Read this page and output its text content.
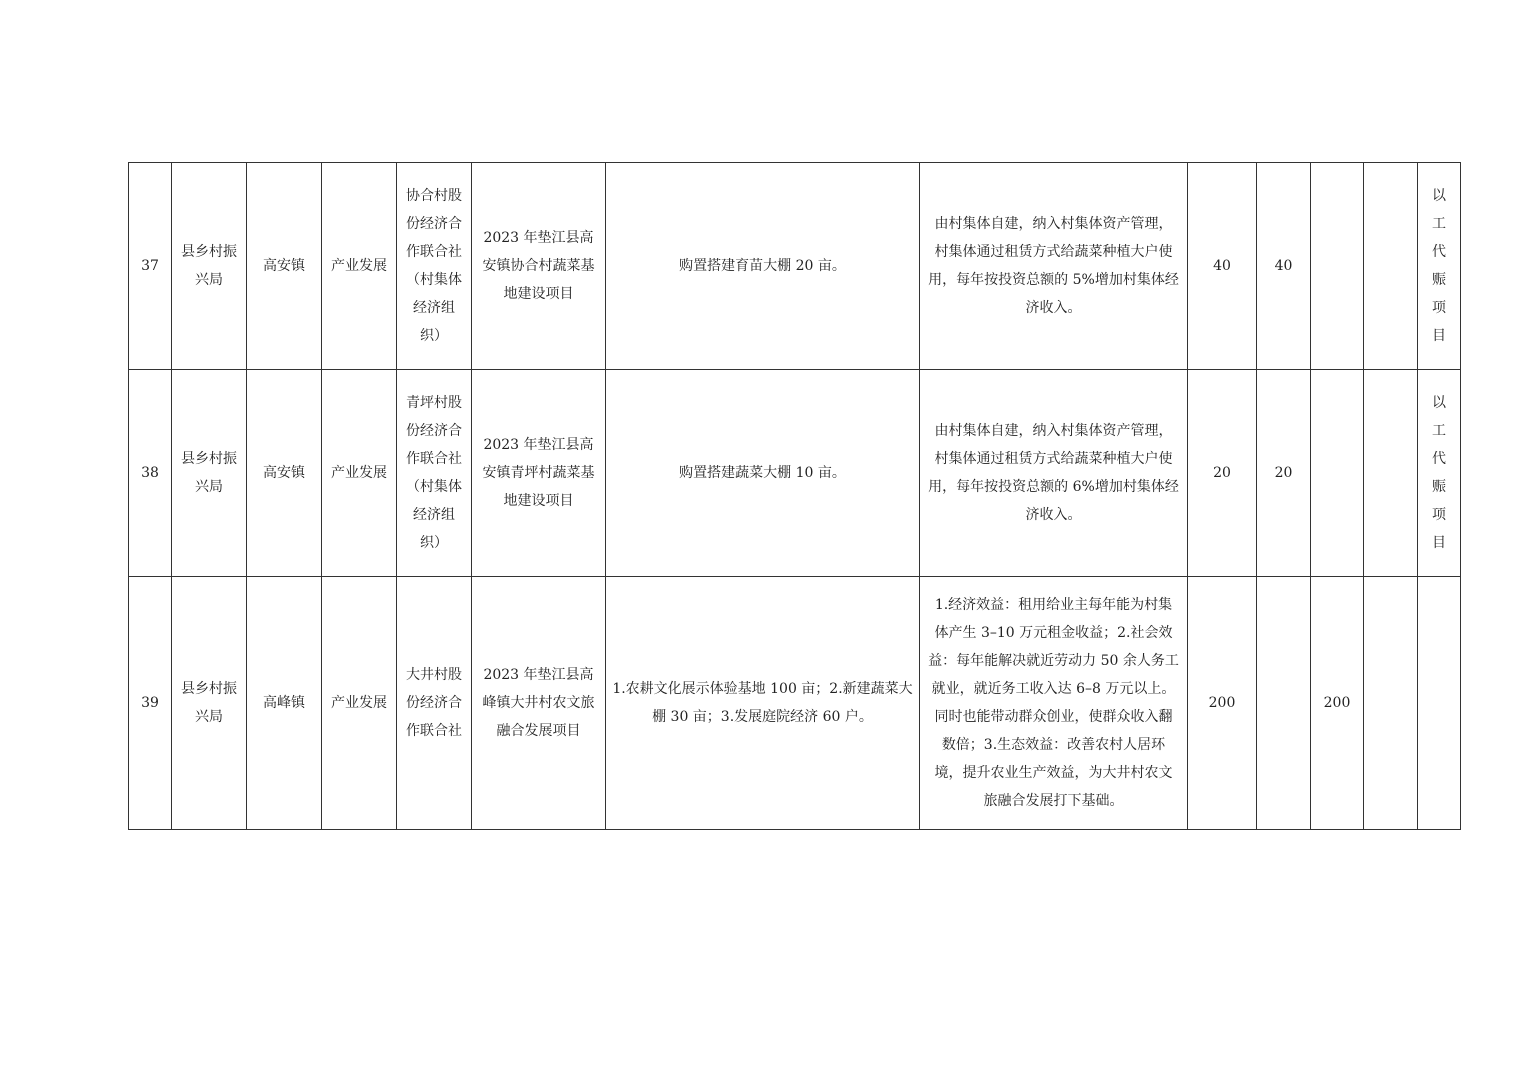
37	县乡村振兴局	高安镇	产业发展	协合村股份经济合作联合社（村集体经济组织）	2023 年垫江县高安镇协合村蔬菜基地建设项目	购置搭建育苗大棚 20 亩。	由村集体自建，纳入村集体资产管理，村集体通过租赁方式给蔬菜种植大户使用，每年按投资总额的 5%增加村集体经济收入。	40	40			以工代赈项目
38	县乡村振兴局	高安镇	产业发展	青坪村股份经济合作联合社（村集体经济组织）	2023 年垫江县高安镇青坪村蔬菜基地建设项目	购置搭建蔬菜大棚 10 亩。	由村集体自建，纳入村集体资产管理，村集体通过租赁方式给蔬菜种植大户使用，每年按投资总额的 6%增加村集体经济收入。	20	20			以工代赈项目
39	县乡村振兴局	高峰镇	产业发展	大井村股份经济合作联合社	2023 年垫江县高峰镇大井村农文旅融合发展项目	1.农耕文化展示体验基地 100 亩；2.新建蔬菜大棚 30 亩；3.发展庭院经济 60 户。	1.经济效益：租用给业主每年能为村集体产生 3–10 万元租金收益；2.社会效益：每年能解决就近劳动力 50 余人务工就业，就近务工收入达 6–8 万元以上。同时也能带动群众创业，使群众收入翻数倍；3.生态效益：改善农村人居环境，提升农业生产效益，为大井村农文旅融合发展打下基础。	200		200		
